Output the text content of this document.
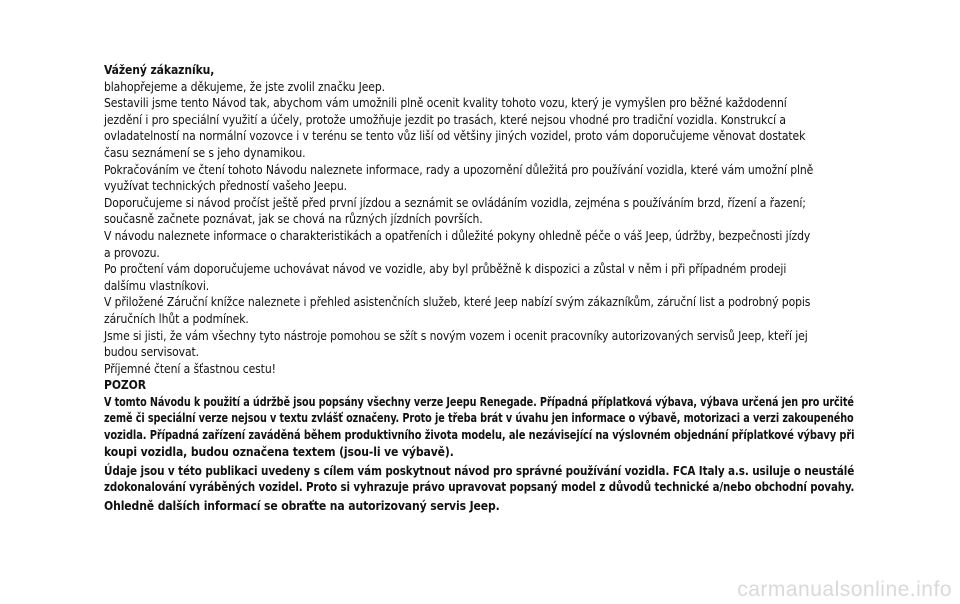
Vážený zákazníku,
blahopřejeme a děkujeme, že jste zvolil značku Jeep.
Sestavili jsme tento Návod tak, abychom vám umožnili plně ocenit kvality tohoto vozu, který je vymyšlen pro běžné každodenní
jezdění i pro speciální využití a účely, protože umožňuje jezdit po trasách, které nejsou vhodné pro tradiční vozidla. Konstrukcí a
ovladatelností na normální vozovce i v terénu se tento vůz liší od většiny jiných vozidel, proto vám doporučujeme věnovat dostatek
času seznámení se s jeho dynamikou.
Pokračováním ve čtení tohoto Návodu naleznete informace, rady a upozornění důležitá pro používání vozidla, které vám umožní plně
využívat technických předností vašeho Jeepu.
Doporučujeme si návod pročíst ještě před první jízdou a seznámit se ovládáním vozidla, zejména s používáním brzd, řízení a řazení;
současně začnete poznávat, jak se chová na různých jízdních površích.
V návodu naleznete informace o charakteristikách a opatřeních i důležité pokyny ohledně péče o váš Jeep, údržby, bezpečnosti jízdy
a provozu.
Po pročtení vám doporučujeme uchovávat návod ve vozidle, aby byl průběžně k dispozici a zůstal v něm i při případném prodeji
dalšímu vlastníkovi.
V přiložené Záruční knížce naleznete i přehled asistenčních služeb, které Jeep nabízí svým zákazníkům, záruční list a podrobný popis
záručních lhůt a podmínek.
Jsme si jisti, že vám všechny tyto nástroje pomohou se sžít s novým vozem i ocenit pracovníky autorizovaných servisů Jeep, kteří jej
budou servisovat.
Příjemné čtení a šťastnou cestu!
POZOR
V tomto Návodu k použití a údržbě jsou popsány všechny verze Jeepu Renegade. Případná příplatková výbava, výbava určená jen pro určité
země či speciální verze nejsou v textu zvlášť označeny. Proto je třeba brát v úvahu jen informace o výbavě, motorizaci a verzi zakoupeného
vozidla. Případná zařízení zaváděná během produktivního života modelu, ale nezávisející na výslovném objednání příplatkové výbavy při
koupi vozidla, budou označena textem (jsou-li ve výbavě).
Údaje jsou v této publikaci uvedeny s cílem vám poskytnout návod pro správné používání vozidla. FCA Italy a.s. usiluje o neustálé
zdokonalování vyráběných vozidel. Proto si vyhrazuje právo upravovat popsaný model z důvodů technické a/nebo obchodní povahy.
Ohledně dalších informací se obraťte na autorizovaný servis Jeep.
carmanualsonline.info
